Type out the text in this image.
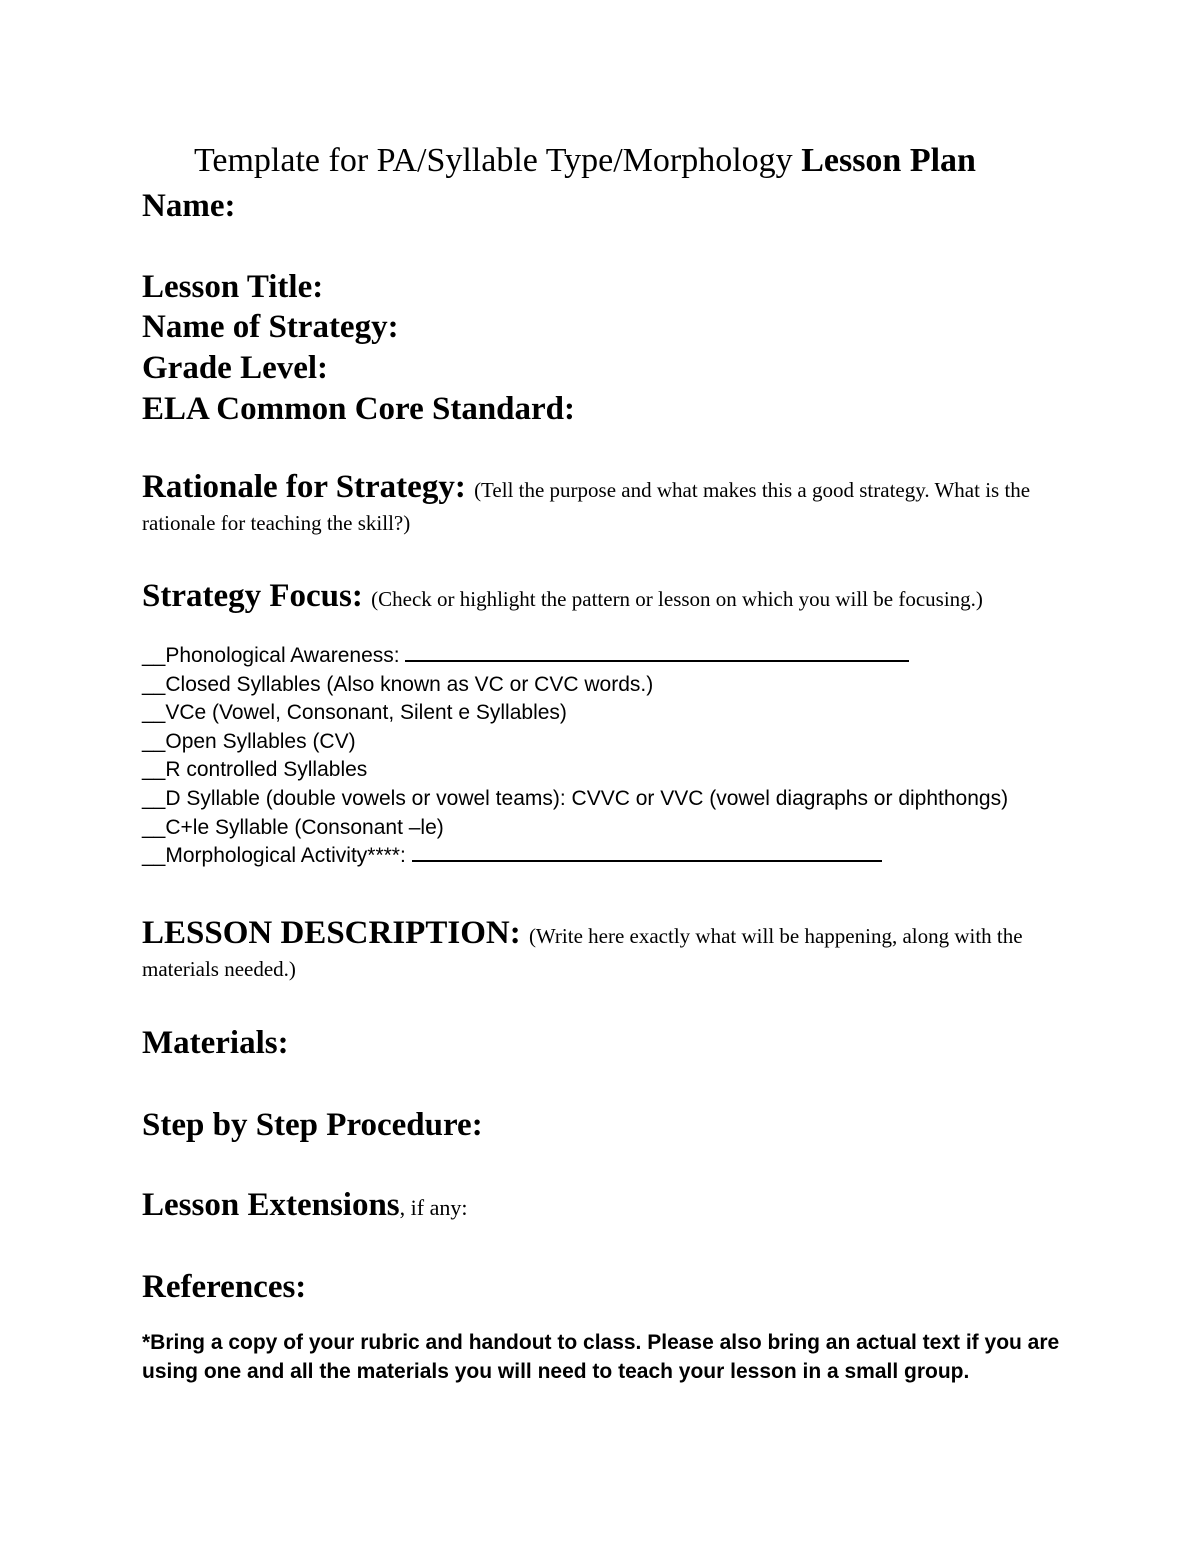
Template for PA/Syllable Type/Morphology Lesson Plan
Name:
Lesson Title:
Name of Strategy:
Grade Level:
ELA Common Core Standard:
Rationale for Strategy: (Tell the purpose and what makes this a good strategy. What is the rationale for teaching the skill?)
Strategy Focus: (Check or highlight the pattern or lesson on which you will be focusing.)
__Phonological Awareness:
__Closed Syllables (Also known as VC or CVC words.)
__VCe (Vowel, Consonant, Silent e Syllables)
__Open Syllables (CV)
__R controlled Syllables
__D Syllable (double vowels or vowel teams): CVVC or VVC (vowel diagraphs or diphthongs)
__C+le Syllable (Consonant –le)
__Morphological Activity****:
LESSON DESCRIPTION: (Write here exactly what will be happening, along with the materials needed.)
Materials:
Step by Step Procedure:
Lesson Extensions, if any:
References:
*Bring a copy of your rubric and handout to class. Please also bring an actual text if you are using one and all the materials you will need to teach your lesson in a small group.
